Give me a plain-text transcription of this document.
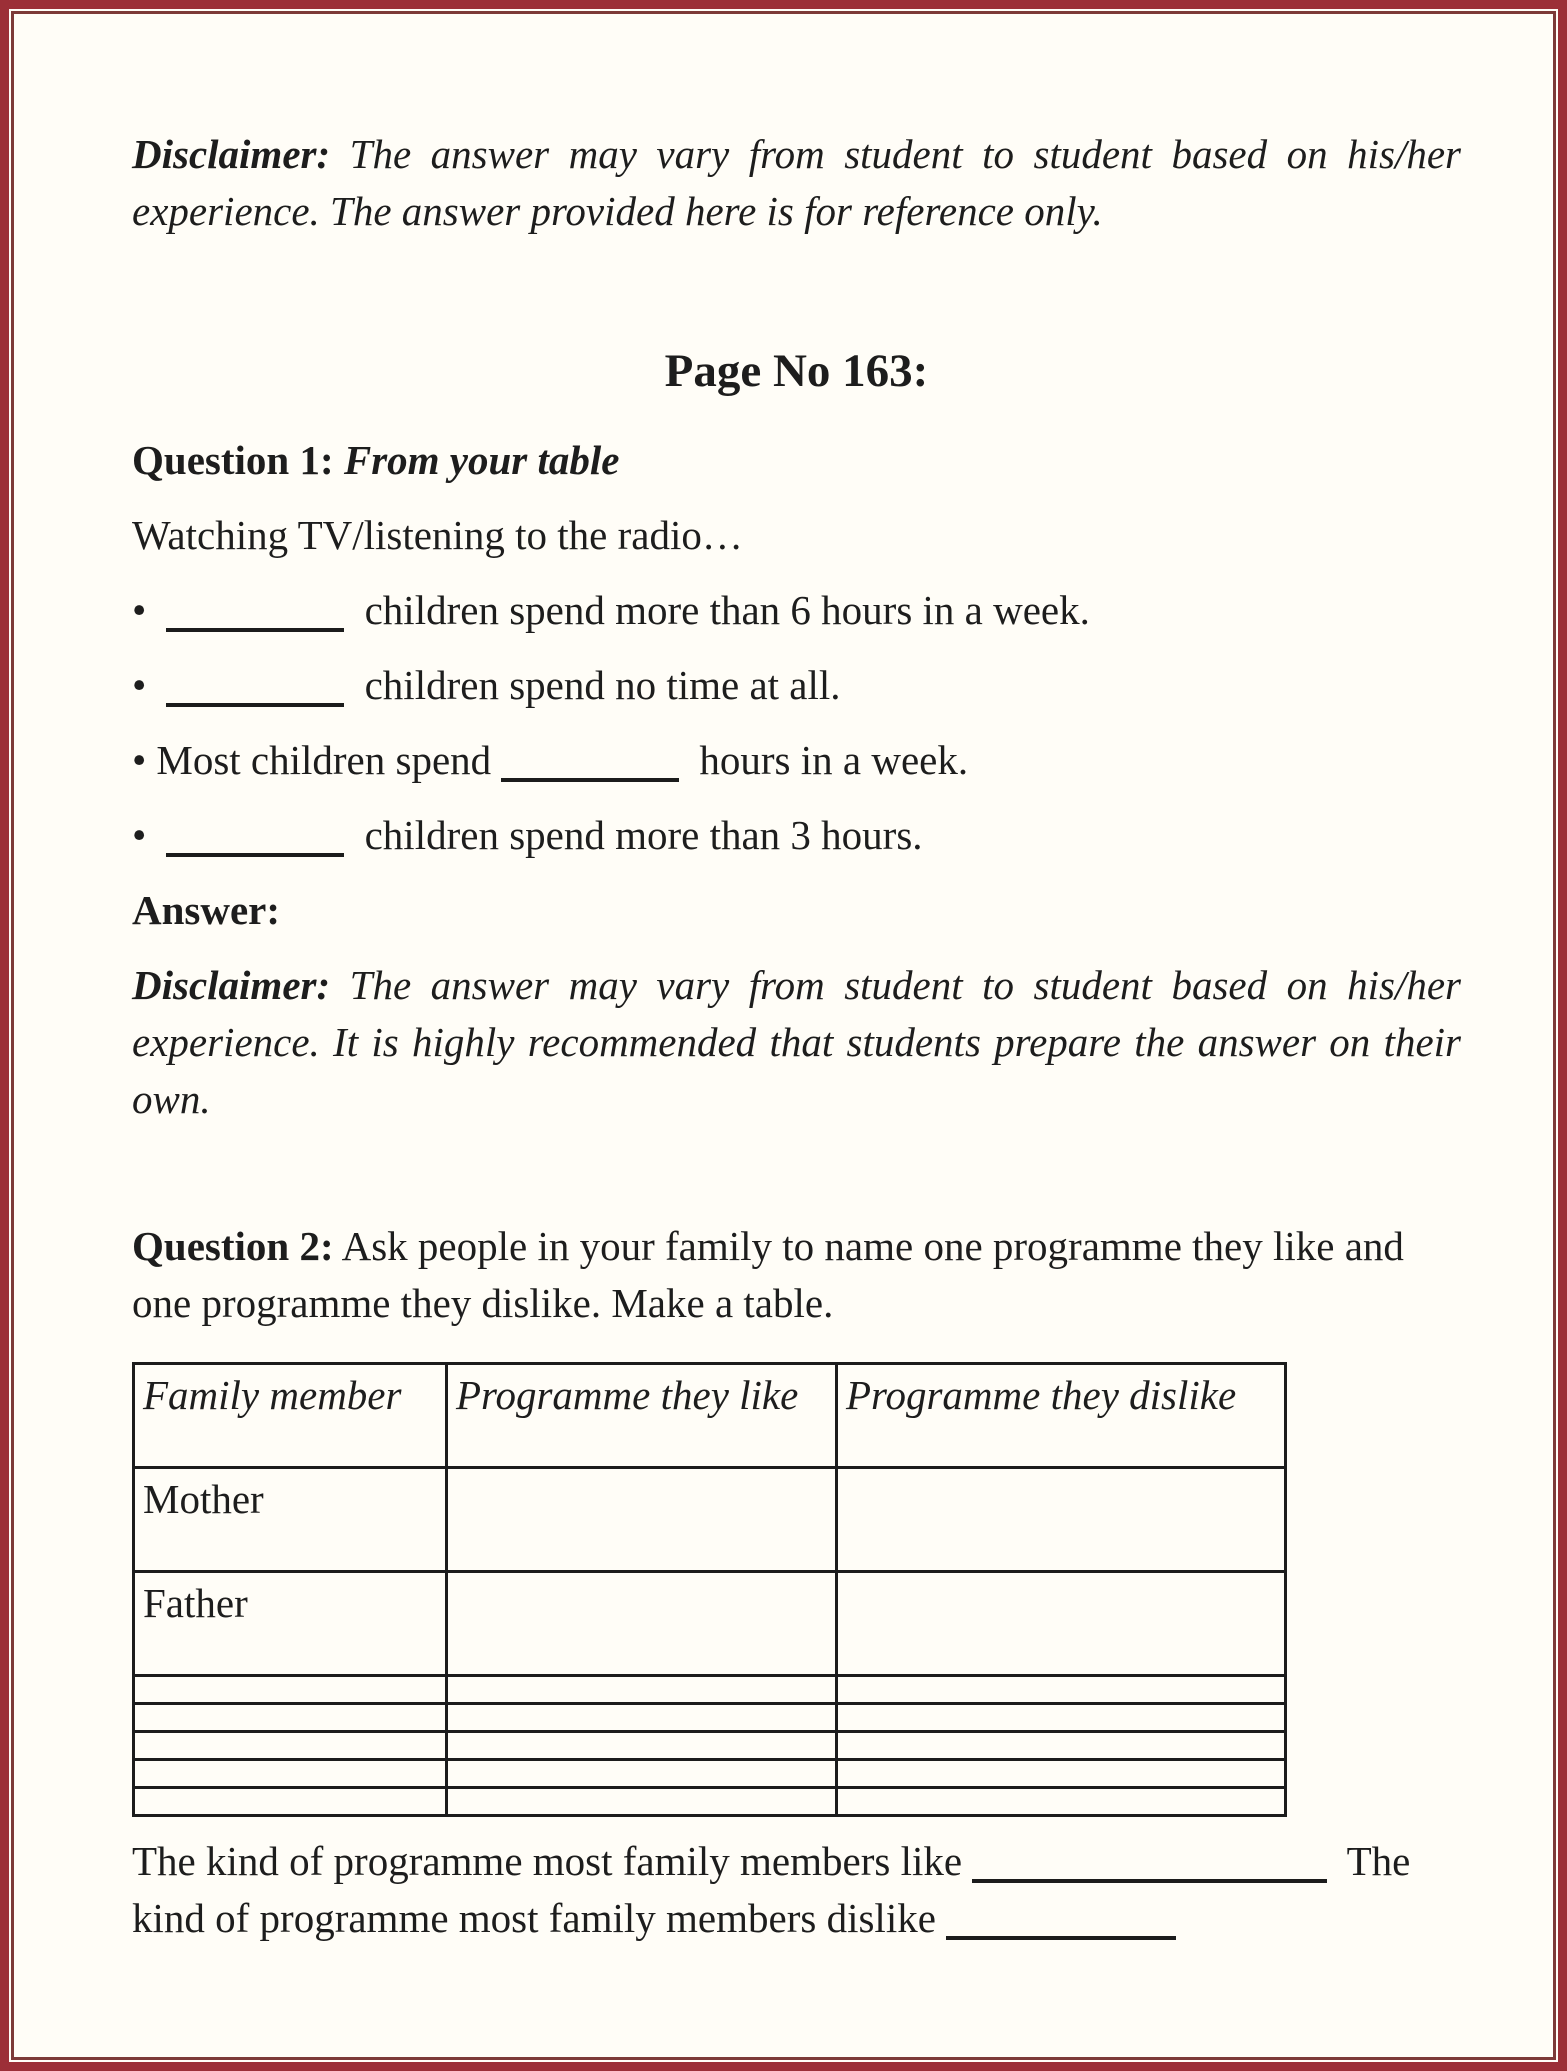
Disclaimer: The answer may vary from student to student based on his/her experience. The answer provided here is for reference only.

Page No 163:

Question 1: From your table

Watching TV/listening to the radio…

•	children spend more than 6 hours in a week.

•	children spend no time at all.

• Most children spend	hours in a week.

•	children spend more than 3 hours.

Answer:

Disclaimer: The answer may vary from student to student based on his/her experience. It is highly recommended that students prepare the answer on their own.

Question 2: Ask people in your family to name one programme they like and one programme they dislike. Make a table.

Family member	Programme they like	Programme they dislike
Mother		
Father		

The kind of programme most family members like	The kind of programme most family members dislike
